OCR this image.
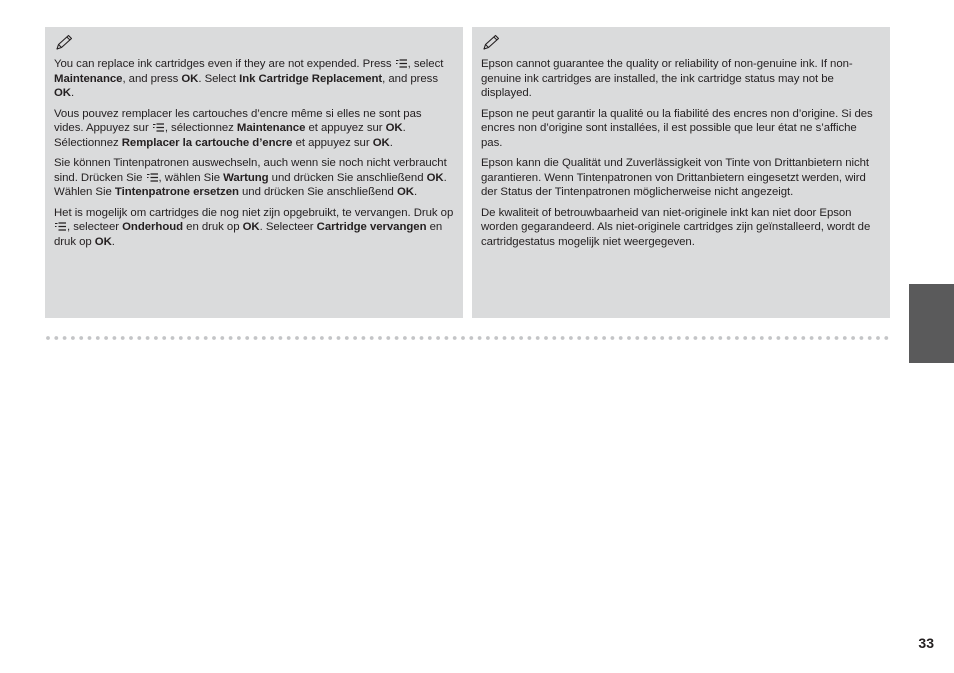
You can replace ink cartridges even if they are not expended. Press , select Maintenance, and press OK. Select Ink Cartridge Replacement, and press OK.

Vous pouvez remplacer les cartouches d’encre même si elles ne sont pas vides. Appuyez sur , sélectionnez Maintenance et appuyez sur OK. Sélectionnez Remplacer la cartouche d’encre et appuyez sur OK.

Sie können Tintenpatronen auswechseln, auch wenn sie noch nicht verbraucht sind. Drücken Sie , wählen Sie Wartung und drücken Sie anschließend OK. Wählen Sie Tintenpatrone ersetzen und drücken Sie anschließend OK.

Het is mogelijk om cartridges die nog niet zijn opgebruikt, te vervangen. Druk op , selecteer Onderhoud en druk op OK. Selecteer Cartridge vervangen en druk op OK.

Epson cannot guarantee the quality or reliability of non-genuine ink. If non-genuine ink cartridges are installed, the ink cartridge status may not be displayed.

Epson ne peut garantir la qualité ou la fiabilité des encres non d’origine. Si des encres non d’origine sont installées, il est possible que leur état ne s’affiche pas.

Epson kann die Qualität und Zuverlässigkeit von Tinte von Drittanbietern nicht garantieren. Wenn Tintenpatronen von Drittanbietern eingesetzt werden, wird der Status der Tintenpatronen möglicherweise nicht angezeigt.

De kwaliteit of betrouwbaarheid van niet-originele inkt kan niet door Epson worden gegarandeerd. Als niet-originele cartridges zijn geïnstalleerd, wordt de cartridgestatus mogelijk niet weergegeven.

33
